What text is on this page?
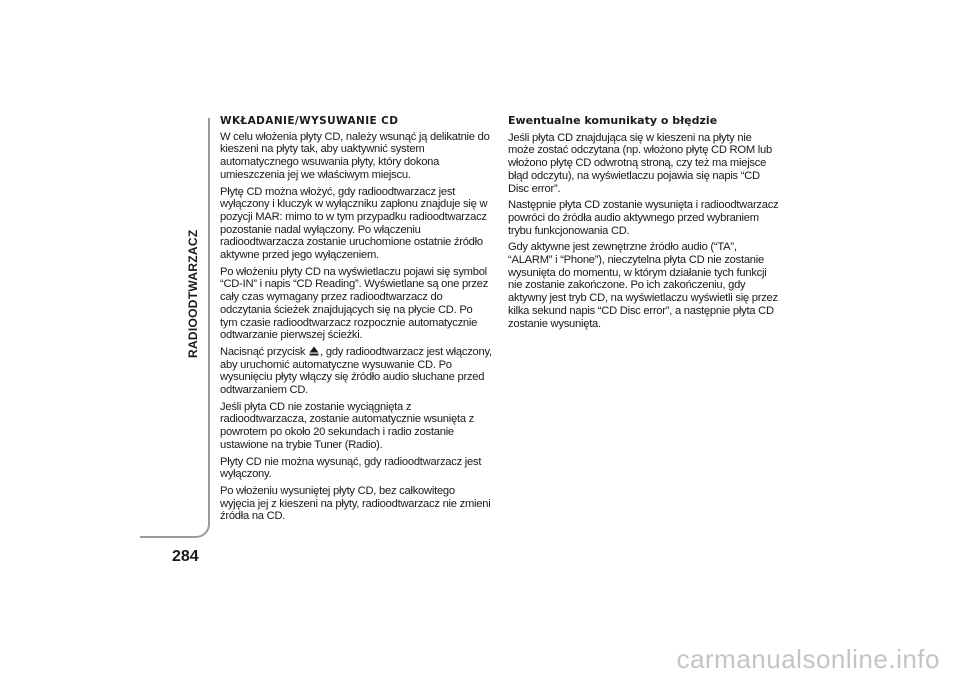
RADIOODTWARZACZ
284
WKŁADANIE/WYSUWANIE CD

W celu włożenia płyty CD, należy wsunąć ją delikatnie do kieszeni na płyty tak, aby uaktywnić system automatycznego wsuwania płyty, który dokona umieszczenia jej we właściwym miejscu.

Płytę CD można włożyć, gdy radioodtwarzacz jest wyłączony i kluczyk w wyłączniku zapłonu znajduje się w pozycji MAR: mimo to w tym przypadku radioodtwarzacz pozostanie nadal wyłączony. Po włączeniu radioodtwarzacza zostanie uruchomione ostatnie źródło aktywne przed jego wyłączeniem.

Po włożeniu płyty CD na wyświetlaczu pojawi się symbol “CD-IN” i napis “CD Reading”. Wyświetlane są one przez cały czas wymagany przez radioodtwarzacz do odczytania ścieżek znajdujących się na płycie CD. Po tym czasie radioodtwarzacz rozpocznie automatycznie odtwarzanie pierwszej ścieżki.

Nacisnąć przycisk , gdy radioodtwarzacz jest włączony, aby uruchomić automatyczne wysuwanie CD. Po wysunięciu płyty włączy się źródło audio słuchane przed odtwarzaniem CD.

Jeśli płyta CD nie zostanie wyciągnięta z radioodtwarzacza, zostanie automatycznie wsunięta z powrotem po około 20 sekundach i radio zostanie ustawione na trybie Tuner (Radio).

Płyty CD nie można wysunąć, gdy radioodtwarzacz jest wyłączony.

Po włożeniu wysuniętej płyty CD, bez całkowitego wyjęcia jej z kieszeni na płyty, radioodtwarzacz nie zmieni źródła na CD.

Ewentualne komunikaty o błędzie

Jeśli płyta CD znajdująca się w kieszeni na płyty nie może zostać odczytana (np. włożono płytę CD ROM lub włożono płytę CD odwrotną stroną, czy też ma miejsce błąd odczytu), na wyświetlaczu pojawia się napis “CD Disc error”.

Następnie płyta CD zostanie wysunięta i radioodtwarzacz powróci do źródła audio aktywnego przed wybraniem trybu funkcjonowania CD.

Gdy aktywne jest zewnętrzne źródło audio (“TA”, “ALARM” i “Phone”), nieczytelna płyta CD nie zostanie wysunięta do momentu, w którym działanie tych funkcji nie zostanie zakończone. Po ich zakończeniu, gdy aktywny jest tryb CD, na wyświetlaczu wyświetli się przez kilka sekund napis “CD Disc error”, a następnie płyta CD zostanie wysunięta.

carmanualsonline.info
